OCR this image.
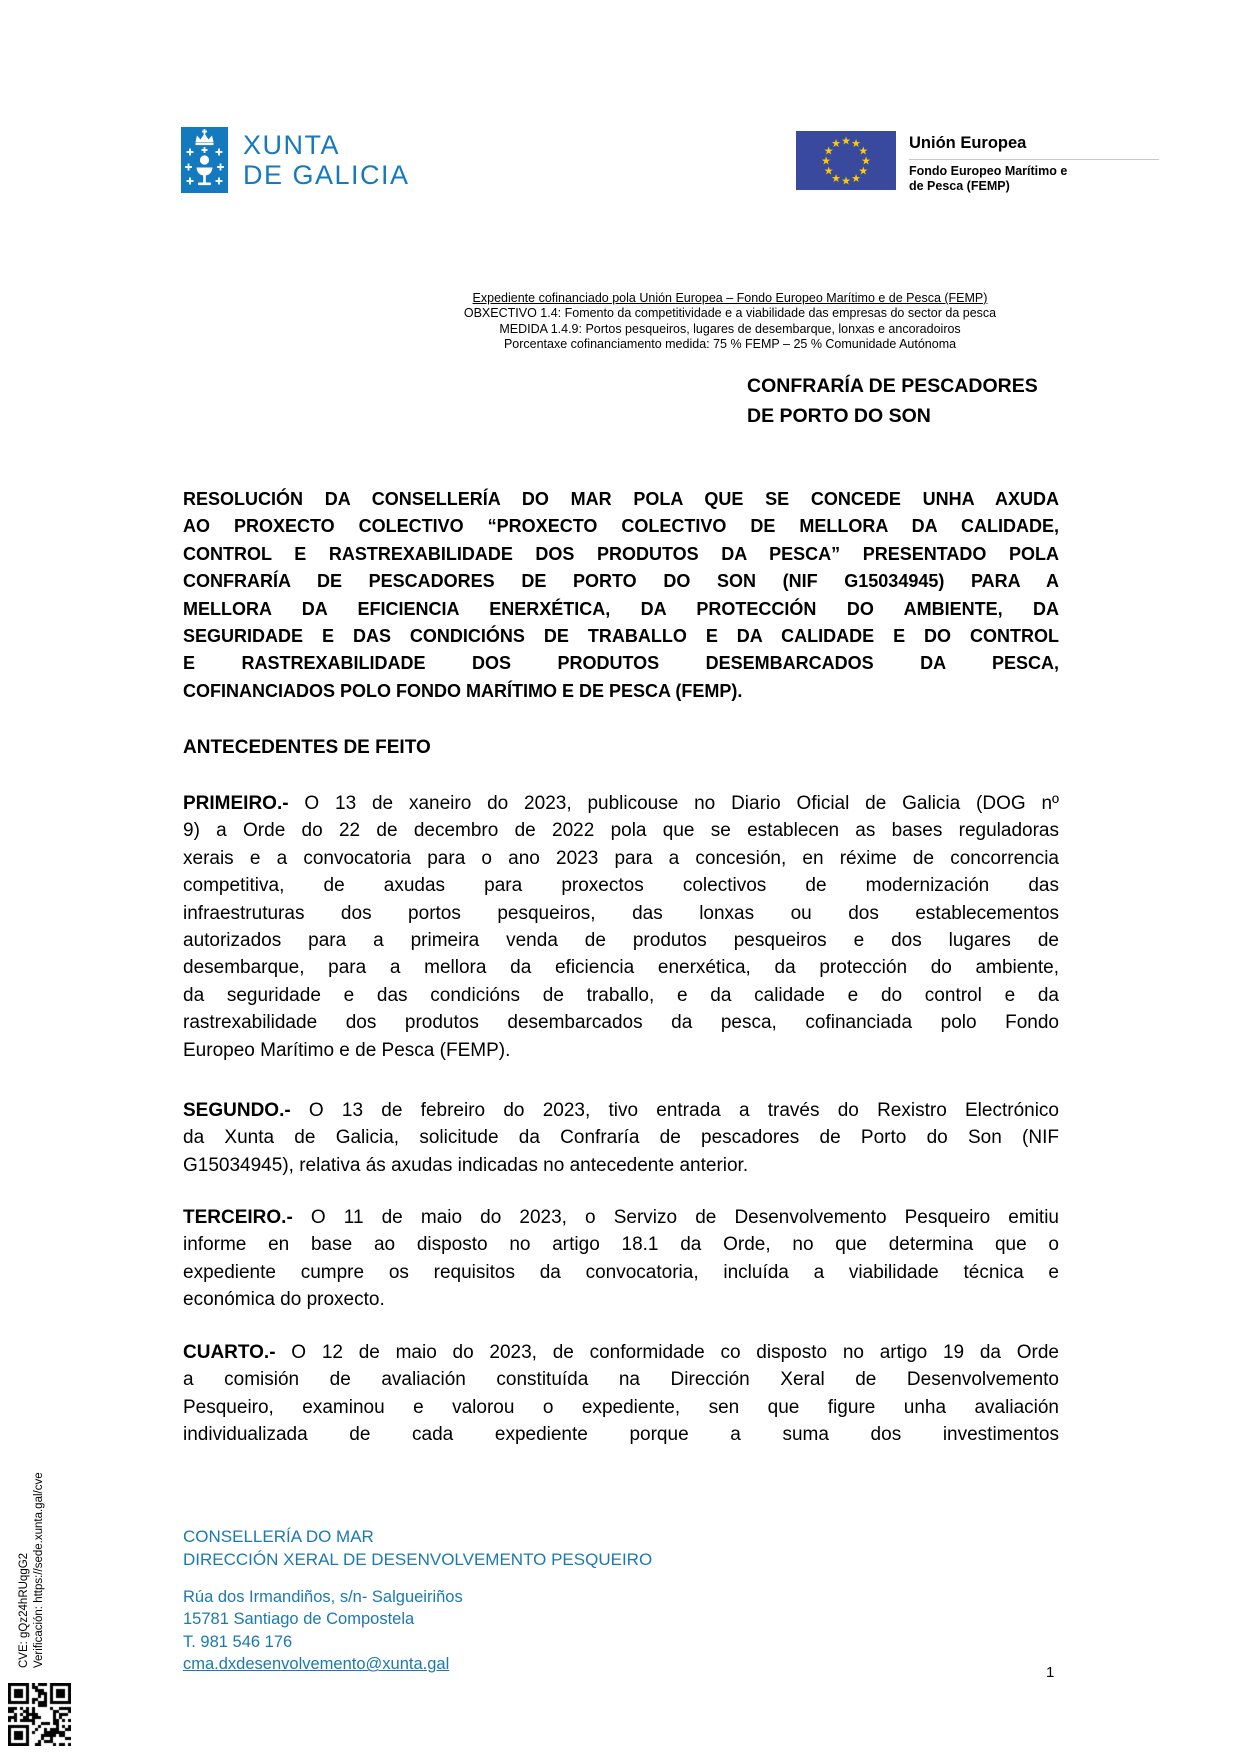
XUNTA
DE GALICIA
★ ★
★
★
★
★
★
★
★
★
★
★	Unión Europea
Fondo Europeo Marítimo e
de Pesca (FEMP)
Expediente cofinanciado pola Unión Europea – Fondo Europeo Marítimo e de Pesca (FEMP)
OBXECTIVO 1.4: Fomento da competitividade e a viabilidade das empresas do sector da pesca
MEDIDA 1.4.9: Portos pesqueiros, lugares de desembarque, lonxas e ancoradoiros
Porcentaxe cofinanciamento medida: 75 % FEMP – 25 % Comunidade Autónoma
CONFRARÍA DE PESCADORES
DE PORTO DO SON
RESOLUCIÓN DA CONSELLERÍA DO MAR POLA QUE SE CONCEDE UNHA AXUDA
AO PROXECTO COLECTIVO “PROXECTO COLECTIVO DE MELLORA DA CALIDADE,
CONTROL E RASTREXABILIDADE DOS PRODUTOS DA PESCA” PRESENTADO POLA
CONFRARÍA DE PESCADORES DE PORTO DO SON (NIF G15034945) PARA A
MELLORA DA EFICIENCIA ENERXÉTICA, DA PROTECCIÓN DO AMBIENTE, DA
SEGURIDADE E DAS CONDICIÓNS DE TRABALLO E DA CALIDADE E DO CONTROL
E RASTREXABILIDADE DOS PRODUTOS DESEMBARCADOS DA PESCA,
COFINANCIADOS POLO FONDO MARÍTIMO E DE PESCA (FEMP).
ANTECEDENTES DE FEITO
PRIMEIRO.- O 13 de xaneiro do 2023, publicouse no Diario Oficial de Galicia (DOG nº
9) a Orde do 22 de decembro de 2022 pola que se establecen as bases reguladoras
xerais e a convocatoria para o ano 2023 para a concesión, en réxime de concorrencia
competitiva, de axudas para proxectos colectivos de modernización das
infraestruturas dos portos pesqueiros, das lonxas ou dos establecementos
autorizados para a primeira venda de produtos pesqueiros e dos lugares de
desembarque, para a mellora da eficiencia enerxética, da protección do ambiente,
da seguridade e das condicións de traballo, e da calidade e do control e da
rastrexabilidade dos produtos desembarcados da pesca, cofinanciada polo Fondo
Europeo Marítimo e de Pesca (FEMP).
SEGUNDO.- O 13 de febreiro do 2023, tivo entrada a través do Rexistro Electrónico
da Xunta de Galicia, solicitude da Confraría de pescadores de Porto do Son (NIF
G15034945), relativa ás axudas indicadas no antecedente anterior.
TERCEIRO.- O 11 de maio do 2023, o Servizo de Desenvolvemento Pesqueiro emitiu
informe en base ao disposto no artigo 18.1 da Orde, no que determina que o
expediente cumpre os requisitos da convocatoria, incluída a viabilidade técnica e
económica do proxecto.
CUARTO.- O 12 de maio do 2023, de conformidade co disposto no artigo 19 da Orde
a comisión de avaliación constituída na Dirección Xeral de Desenvolvemento
Pesqueiro, examinou e valorou o expediente, sen que figure unha avaliación
individualizada de cada expediente porque a suma dos investimentos
CONSELLERÍA DO MAR
DIRECCIÓN XERAL DE DESENVOLVEMENTO PESQUEIRO
Rúa dos Irmandiños, s/n- Salgueiriños
15781 Santiago de Compostela
T. 981 546 176
cma.dxdesenvolvemento@xunta.gal	1
CVE: gQz24hRUqgG2 Verificación: https://sede.xunta.gal/cve
